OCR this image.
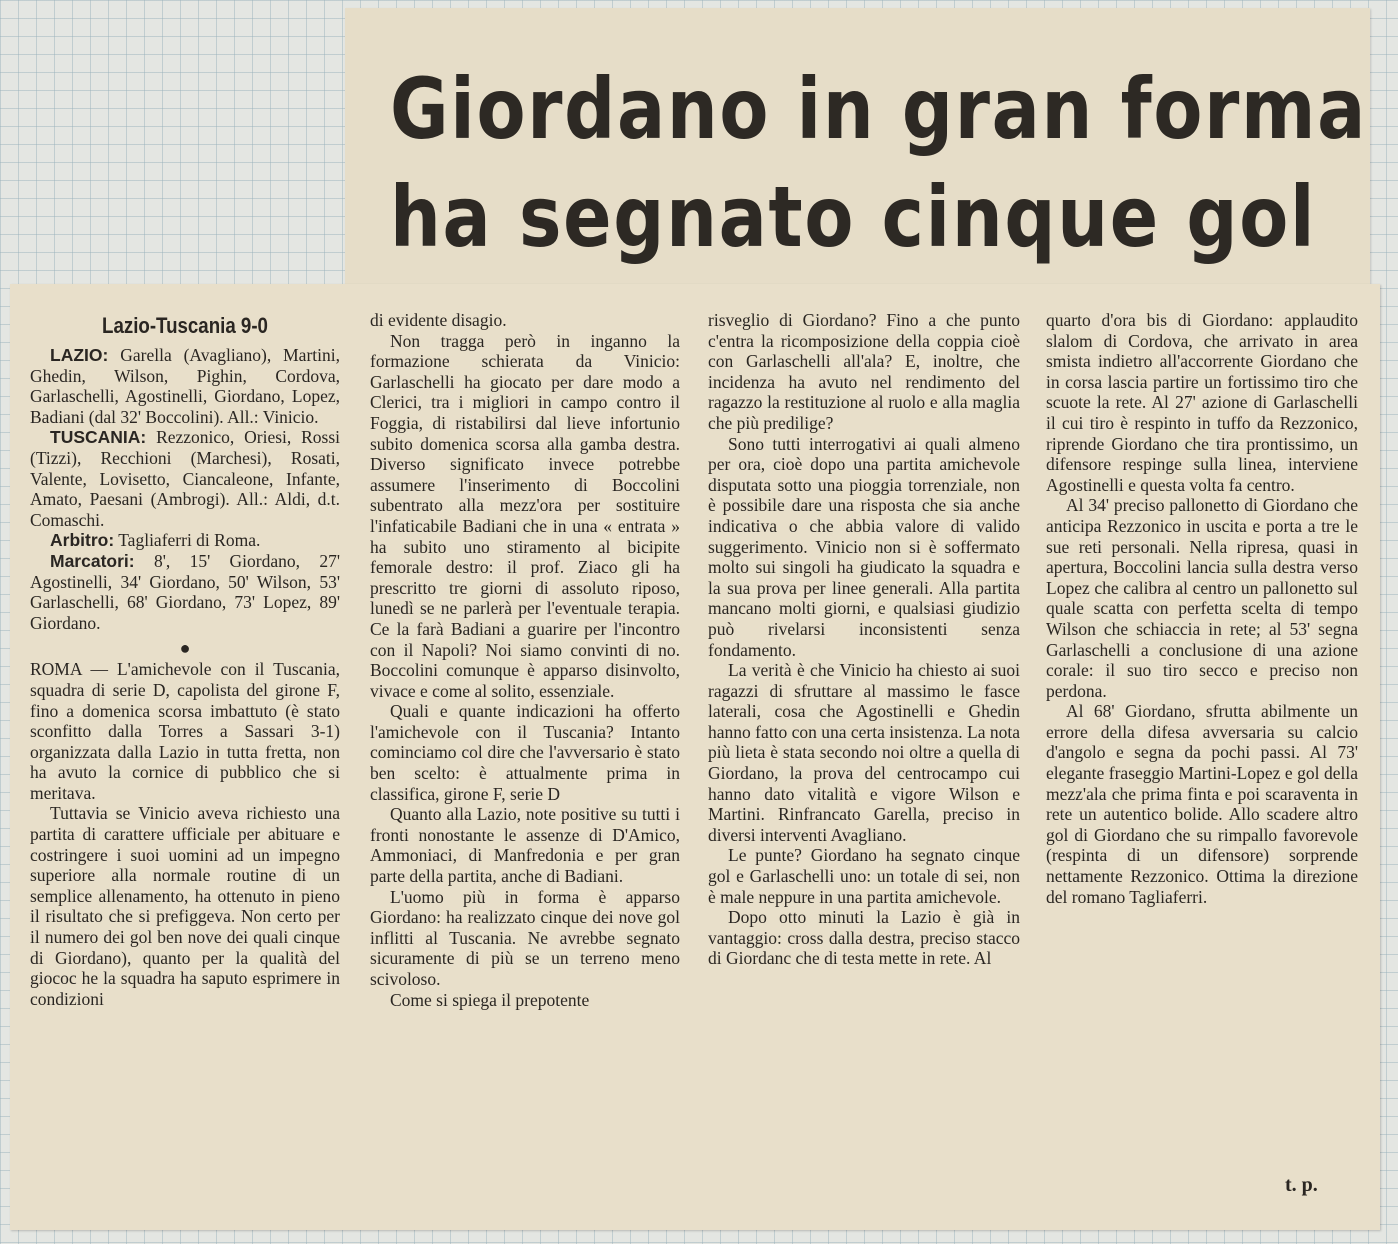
Giordano in gran forma
ha segnato cinque gol
Lazio-Tuscania 9-0

LAZIO: Garella (Avagliano), Martini, Ghedin, Wilson, Pighin, Cordova, Garlaschelli, Agostinelli, Giordano, Lopez, Badiani (dal 32' Boccolini). All.: Vinicio.

TUSCANIA: Rezzonico, Oriesi, Rossi (Tizzi), Recchioni (Marchesi), Rosati, Valente, Lovisetto, Ciancaleone, Infante, Amato, Paesani (Ambrogi). All.: Aldi, d.t. Comaschi.

Arbitro: Tagliaferri di Roma.

Marcatori: 8', 15' Giordano, 27' Agostinelli, 34' Giordano, 50' Wilson, 53' Garlaschelli, 68' Giordano, 73' Lopez, 89' Giordano.

●

ROMA — L'amichevole con il Tuscania, squadra di serie D, capolista del girone F, fino a domenica scorsa imbattuto (è stato sconfitto dalla Torres a Sassari 3-1) organizzata dalla Lazio in tutta fretta, non ha avuto la cornice di pubblico che si meritava.

Tuttavia se Vinicio aveva richiesto una partita di carattere ufficiale per abituare e costringere i suoi uomini ad un impegno superiore alla normale routine di un semplice allenamento, ha ottenuto in pieno il risultato che si prefiggeva. Non certo per il numero dei gol ben nove dei quali cinque di Giordano), quanto per la qualità del giococ he la squadra ha saputo esprimere in condizioni

di evidente disagio.

Non tragga però in inganno la formazione schierata da Vinicio: Garlaschelli ha giocato per dare modo a Clerici, tra i migliori in campo contro il Foggia, di ristabilirsi dal lieve infortunio subito domenica scorsa alla gamba destra. Diverso significato invece potrebbe assumere l'inserimento di Boccolini subentrato alla mezz'ora per sostituire l'infaticabile Badiani che in una « entrata » ha subito uno stiramento al bicipite femorale destro: il prof. Ziaco gli ha prescritto tre giorni di assoluto riposo, lunedì se ne parlerà per l'eventuale terapia. Ce la farà Badiani a guarire per l'incontro con il Napoli? Noi siamo convinti di no. Boccolini comunque è apparso disinvolto, vivace e come al solito, essenziale.

Quali e quante indicazioni ha offerto l'amichevole con il Tuscania? Intanto cominciamo col dire che l'avversario è stato ben scelto: è attualmente prima in classifica, girone F, serie D

Quanto alla Lazio, note positive su tutti i fronti nonostante le assenze di D'Amico, Ammoniaci, di Manfredonia e per gran parte della partita, anche di Badiani.

L'uomo più in forma è apparso Giordano: ha realizzato cinque dei nove gol inflitti al Tuscania. Ne avrebbe segnato sicuramente di più se un terreno meno scivoloso.

Come si spiega il prepotente

risveglio di Giordano? Fino a che punto c'entra la ricomposizione della coppia cioè con Garlaschelli all'ala? E, inoltre, che incidenza ha avuto nel rendimento del ragazzo la restituzione al ruolo e alla maglia che più predilige?

Sono tutti interrogativi ai quali almeno per ora, cioè dopo una partita amichevole disputata sotto una pioggia torrenziale, non è possibile dare una risposta che sia anche indicativa o che abbia valore di valido suggerimento. Vinicio non si è soffermato molto sui singoli ha giudicato la squadra e la sua prova per linee generali. Alla partita mancano molti giorni, e qualsiasi giudizio può rivelarsi inconsistenti senza fondamento.

La verità è che Vinicio ha chiesto ai suoi ragazzi di sfruttare al massimo le fasce laterali, cosa che Agostinelli e Ghedin hanno fatto con una certa insistenza. La nota più lieta è stata secondo noi oltre a quella di Giordano, la prova del centrocampo cui hanno dato vitalità e vigore Wilson e Martini. Rinfrancato Garella, preciso in diversi interventi Avagliano.

Le punte? Giordano ha segnato cinque gol e Garlaschelli uno: un totale di sei, non è male neppure in una partita amichevole.

Dopo otto minuti la Lazio è già in vantaggio: cross dalla destra, preciso stacco di Giordanc che di testa mette in rete. Al

quarto d'ora bis di Giordano: applaudito slalom di Cordova, che arrivato in area smista indietro all'accorrente Giordano che in corsa lascia partire un fortissimo tiro che scuote la rete. Al 27' azione di Garlaschelli il cui tiro è respinto in tuffo da Rezzonico, riprende Giordano che tira prontissimo, un difensore respinge sulla linea, interviene Agostinelli e questa volta fa centro.

Al 34' preciso pallonetto di Giordano che anticipa Rezzonico in uscita e porta a tre le sue reti personali. Nella ripresa, quasi in apertura, Boccolini lancia sulla destra verso Lopez che calibra al centro un pallonetto sul quale scatta con perfetta scelta di tempo Wilson che schiaccia in rete; al 53' segna Garlaschelli a conclusione di una azione corale: il suo tiro secco e preciso non perdona.

Al 68' Giordano, sfrutta abilmente un errore della difesa avversaria su calcio d'angolo e segna da pochi passi. Al 73' elegante fraseggio Martini-Lopez e gol della mezz'ala che prima finta e poi scaraventa in rete un autentico bolide. Allo scadere altro gol di Giordano che su rimpallo favorevole (respinta di un difensore) sorprende nettamente Rezzonico. Ottima la direzione del romano Tagliaferri.

t. p.
